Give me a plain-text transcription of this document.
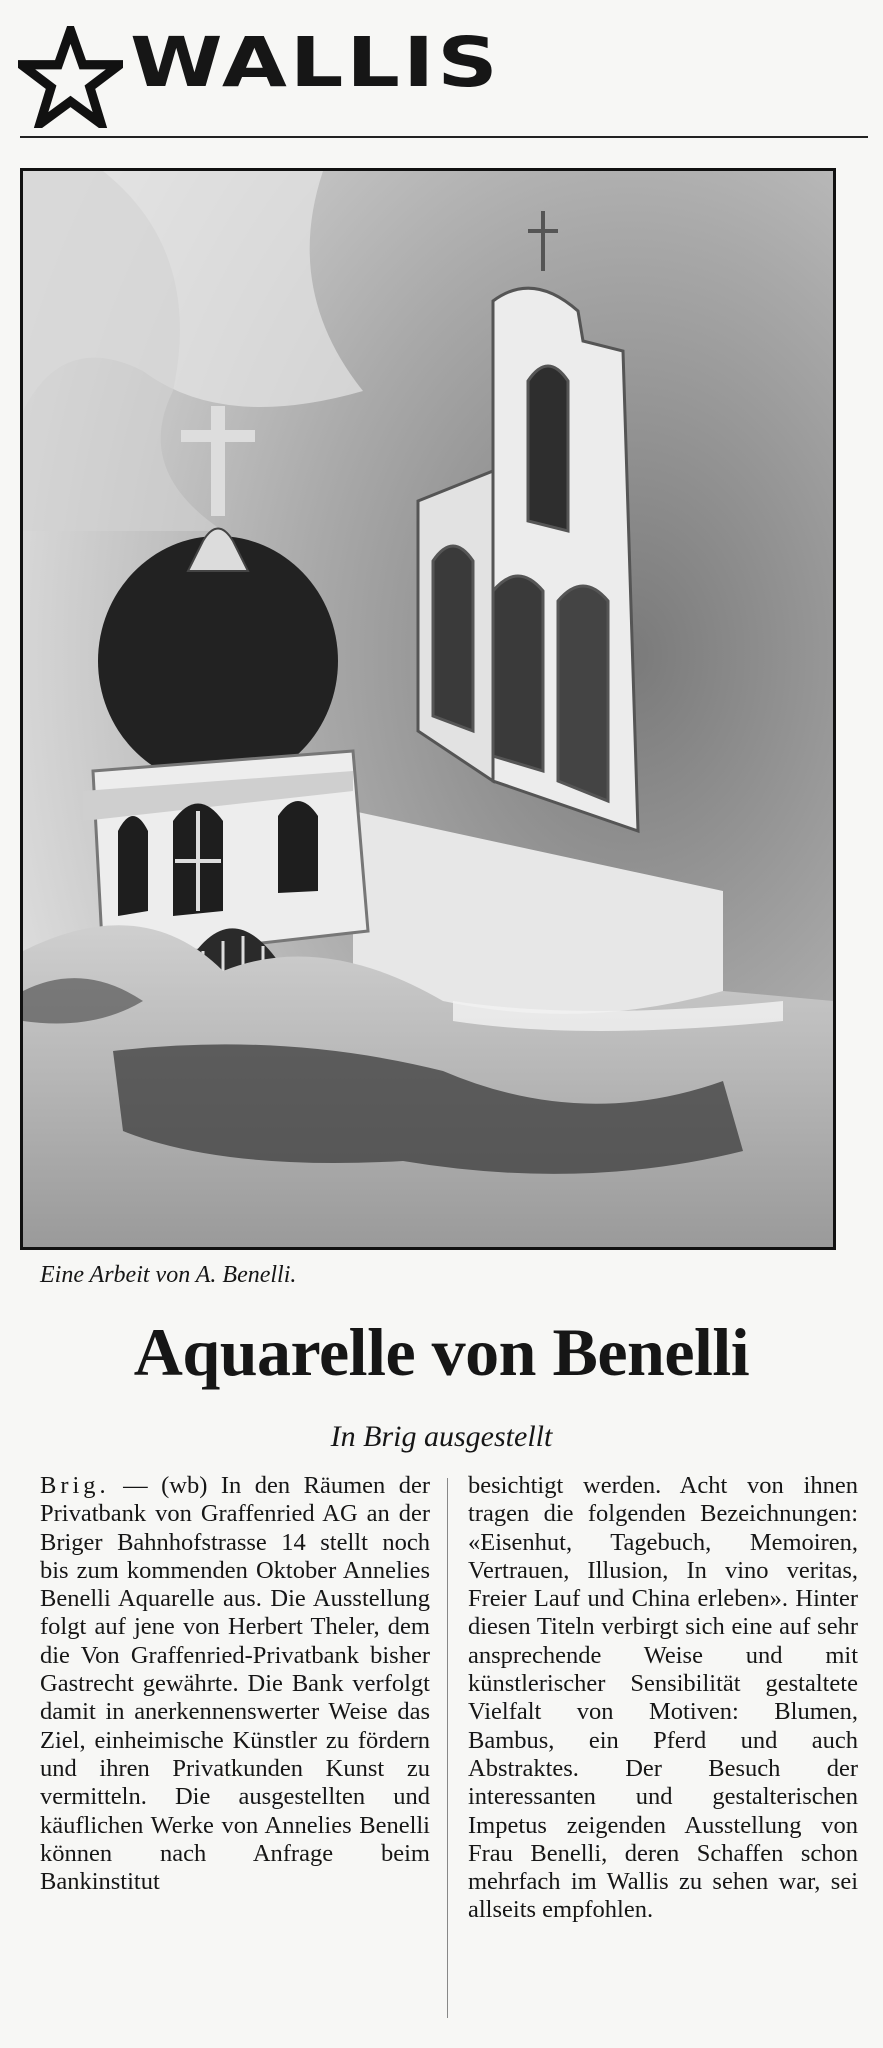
WALLIS
Eine Arbeit von A. Benelli.
Aquarelle von Benelli
In Brig ausgestellt

Brig. — (wb) In den Räumen der Privatbank von Graffenried AG an der Briger Bahnhofstrasse 14 stellt noch bis zum kommenden Oktober Annelies Benelli Aquarelle aus. Die Ausstellung folgt auf jene von Herbert Theler, dem die Von Graffenried-Privatbank bisher Gastrecht gewährte. Die Bank verfolgt damit in anerkennenswerter Weise das Ziel, einheimische Künstler zu fördern und ihren Privatkunden Kunst zu vermitteln. Die ausgestellten und käuflichen Werke von Annelies Benelli können nach Anfrage beim Bankinstitut

besichtigt werden. Acht von ihnen tragen die folgenden Bezeichnungen: «Eisenhut, Tagebuch, Memoiren, Vertrauen, Illusion, In vino veritas, Freier Lauf und China erleben». Hinter diesen Titeln verbirgt sich eine auf sehr ansprechende Weise und mit künstlerischer Sensibilität gestaltete Vielfalt von Motiven: Blumen, Bambus, ein Pferd und auch Abstraktes. Der Besuch der interessanten und gestalterischen Impetus zeigenden Ausstellung von Frau Benelli, deren Schaffen schon mehrfach im Wallis zu sehen war, sei allseits empfohlen.
